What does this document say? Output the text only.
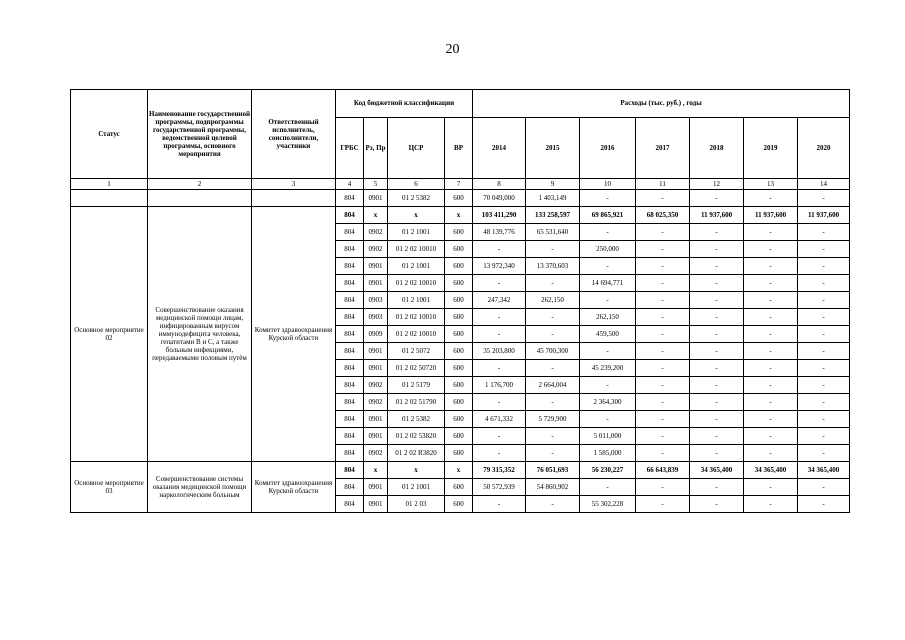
20
Статус	Наименование государственной программы, подпрограммы государственной программы, ведомственной целевой программы, основного мероприятия	Ответственный исполнитель, соисполнители, участники	Код бюджетной классификации				Расходы (тыс. руб.) , годы						
			ГРБС	Рз, Пр	ЦСР	ВР	2014	2015	2016	2017	2018	2019	2020
1	2	3	4	5	6	7	8	9	10	11	12	13	14
			804	0901	01 2 5382	600	70 049,000	1 403,149	-	-	-	-	-
Основное мероприятие 02	Совершенствование оказания медицинской помощи лицам, инфицированным вирусом иммунодефицита человека, гепатитами В и С, а также больным инфекциями, передаваемыми половым путём	Комитет здравоохранения Курской области	804	x	x	x	103 411,290	133 258,597	69 865,921	68 025,350	11 937,600	11 937,600	11 937,600
			804	0902	01 2 1001	600	48 139,776	65 531,640	-	-	-	-	-
			804	0902	01 2 02 10010	600	-	-	250,000	-	-	-	-
			804	0901	01 2 1001	600	13 972,340	13 370,603	-	-	-	-	-
			804	0901	01 2 02 10010	600	-	-	14 694,771	-	-	-	-
			804	0903	01 2 1001	600	247,342	262,150	-	-	-	-	-
			804	0903	01 2 02 10010	600	-	-	262,150	-	-	-	-
			804	0909	01 2 02 10010	600	-	-	459,500	-	-	-	-
			804	0901	01 2 5072	600	35 203,800	45 700,300	-	-	-	-	-
			804	0901	01 2 02 50720	600	-	-	45 239,200	-	-	-	-
			804	0902	01 2 5179	600	1 176,700	2 664,004	-	-	-	-	-
			804	0902	01 2 02 51790	600	-	-	2 364,300	-	-	-	-
			804	0901	01 2 5382	600	4 671,332	5 729,900	-	-	-	-	-
			804	0901	01 2 02 53820	600	-	-	5 011,000	-	-	-	-
			804	0902	01 2 02 R3820	600	-	-	1 585,000	-	-	-	-
Основное мероприятие 03	Совершенствование системы оказания медицинской помощи наркологическим больным	Комитет здравоохранения Курской области	804	x	x	x	79 315,352	76 051,693	56 230,227	66 643,839	34 365,400	34 365,400	34 365,400
			804	0901	01 2 1001	600	50 572,939	54 860,902	-	-	-	-	-
			804	0901	01 2 03	600	-	-	55 302,228	-	-	-	-
